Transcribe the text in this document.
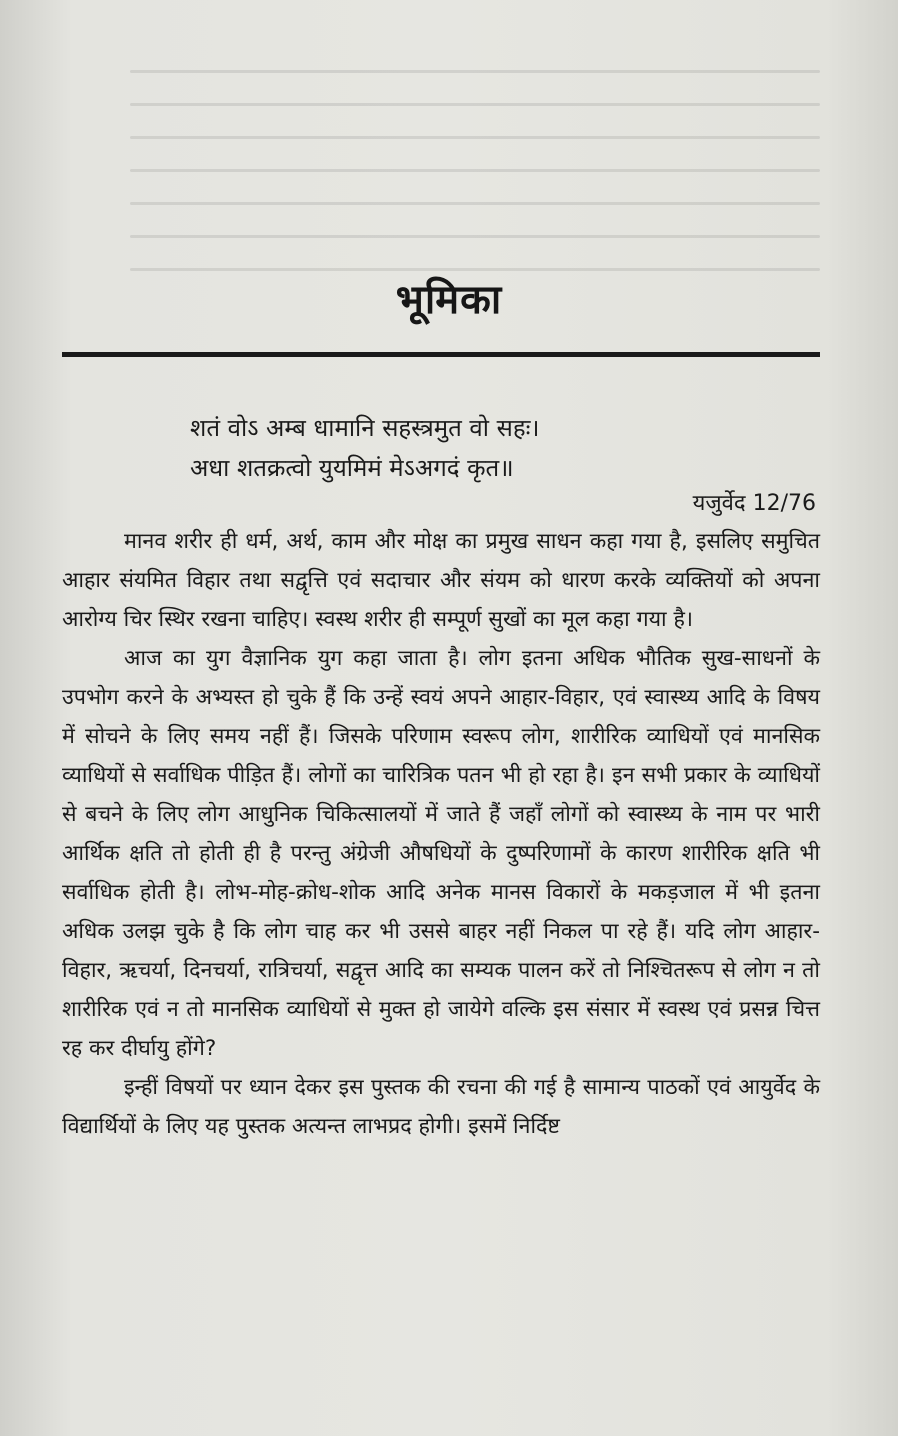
भूमिका
शतं वोऽ अम्ब धामानि सहस्त्रमुत वो सहः।
अधा शतक्रत्वो युयमिमं मेऽअगदं कृत॥
यजुर्वेद 12/76

मानव शरीर ही धर्म, अर्थ, काम और मोक्ष का प्रमुख साधन कहा गया है, इसलिए समुचित आहार संयमित विहार तथा सद्वृत्ति एवं सदाचार और संयम को धारण करके व्यक्तियों को अपना आरोग्य चिर स्थिर रखना चाहिए। स्वस्थ शरीर ही सम्पूर्ण सुखों का मूल कहा गया है।

आज का युग वैज्ञानिक युग कहा जाता है। लोग इतना अधिक भौतिक सुख-साधनों के उपभोग करने के अभ्यस्त हो चुके हैं कि उन्हें स्वयं अपने आहार-विहार, एवं स्वास्थ्य आदि के विषय में सोचने के लिए समय नहीं हैं। जिसके परिणाम स्वरूप लोग, शारीरिक व्याधियों एवं मानसिक व्याधियों से सर्वाधिक पीड़ित हैं। लोगों का चारित्रिक पतन भी हो रहा है। इन सभी प्रकार के व्याधियों से बचने के लिए लोग आधुनिक चिकित्सालयों में जाते हैं जहाँ लोगों को स्वास्थ्य के नाम पर भारी आर्थिक क्षति तो होती ही है परन्तु अंग्रेजी औषधियों के दुष्परिणामों के कारण शारीरिक क्षति भी सर्वाधिक होती है। लोभ-मोह-क्रोध-शोक आदि अनेक मानस विकारों के मकड़जाल में भी इतना अधिक उलझ चुके है कि लोग चाह कर भी उससे बाहर नहीं निकल पा रहे हैं। यदि लोग आहार-विहार, ऋचर्या, दिनचर्या, रात्रिचर्या, सद्वृत्त आदि का सम्यक पालन करें तो निश्चितरूप से लोग न तो शारीरिक एवं न तो मानसिक व्याधियों से मुक्त हो जायेगे वल्कि इस संसार में स्वस्थ एवं प्रसन्न चित्त रह कर दीर्घायु होंगे?

इन्हीं विषयों पर ध्यान देकर इस पुस्तक की रचना की गई है सामान्य पाठकों एवं आयुर्वेद के विद्यार्थियों के लिए यह पुस्तक अत्यन्त लाभप्रद होगी। इसमें निर्दिष्ट
